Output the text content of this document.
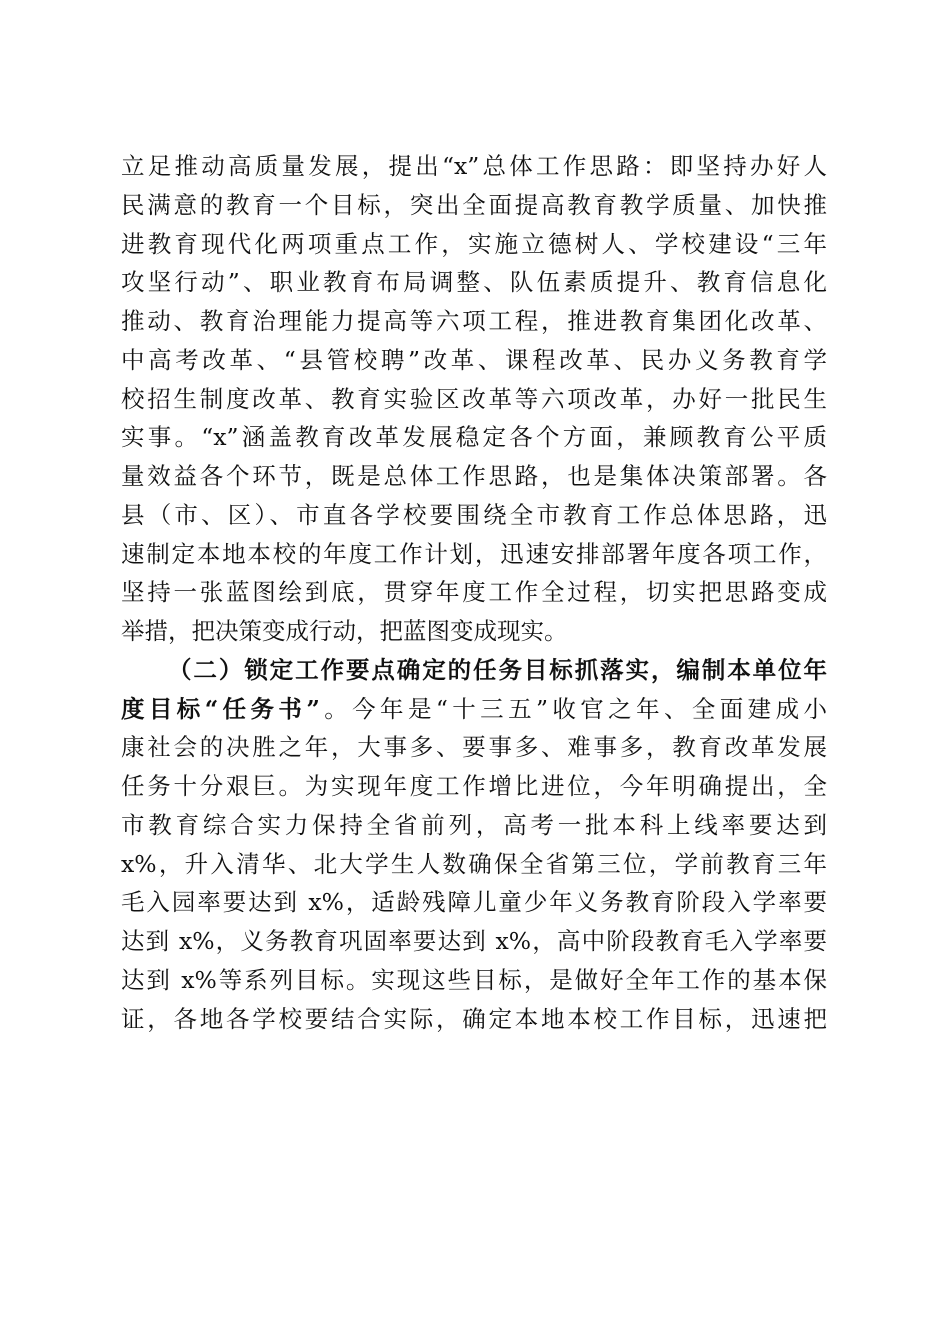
立足推动高质量发展，提出“x”总体工作思路：即坚持办好人

民满意的教育一个目标，突出全面提高教育教学质量、加快推

进教育现代化两项重点工作，实施立德树人、学校建设“三年

攻坚行动”、职业教育布局调整、队伍素质提升、教育信息化

推动、教育治理能力提高等六项工程，推进教育集团化改革、

中高考改革、“县管校聘”改革、课程改革、民办义务教育学

校招生制度改革、教育实验区改革等六项改革，办好一批民生

实事。“x”涵盖教育改革发展稳定各个方面，兼顾教育公平质

量效益各个环节，既是总体工作思路，也是集体决策部署。各

县（市、区）、市直各学校要围绕全市教育工作总体思路，迅

速制定本地本校的年度工作计划，迅速安排部署年度各项工作，

坚持一张蓝图绘到底，贯穿年度工作全过程，切实把思路变成

举措，把决策变成行动，把蓝图变成现实。

（二）锁定工作要点确定的任务目标抓落实，编制本单位年

度目标“任务书”。今年是“十三五”收官之年、全面建成小

康社会的决胜之年，大事多、要事多、难事多，教育改革发展

任务十分艰巨。为实现年度工作增比进位，今年明确提出，全

市教育综合实力保持全省前列，高考一批本科上线率要达到

x%，升入清华、北大学生人数确保全省第三位，学前教育三年

毛入园率要达到 x%，适龄残障儿童少年义务教育阶段入学率要

达到 x%，义务教育巩固率要达到 x%，高中阶段教育毛入学率要

达到 x%等系列目标。实现这些目标，是做好全年工作的基本保

证，各地各学校要结合实际，确定本地本校工作目标，迅速把
